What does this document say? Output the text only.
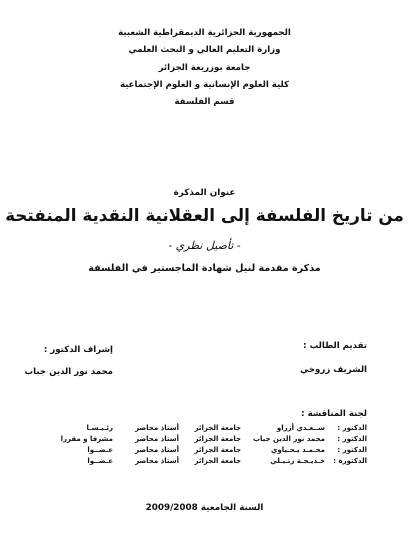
الجمهورية الجزائرية الديمقراطية الشعبية
وزارة التعليم العالي و البحث العلمي
جامعة بوزريعة الجزائر
كلية العلوم الإنسانية و العلوم الإجتماعية
قسم الفلسفة
عنوان المذكرة
من تاريخ الفلسفة إلى العقلانية النقدية المنفتحة
- تأصيل نظري -
مذكرة مقدمة لنيل شهادة الماجستير في الفلسفة
تقديم الطالب :
الشريف زروخي
إشراف الدكتور :
محمد نور الدين جباب
لجنة المناقشة :
الدكتور :
ســعـدي أزراو
جامعة الجزائر
أستاذ محاضر
رئـيـسـا
الدكتور :
محمد نور الدين جباب
جامعة الجزائر
أستاذ محاضر
مشرفا و مقررا
الدكتور :
محـمـد يـحـياوي
جامعة الجزائر
أستاذ محاضر
عـضــوا
الدكتورة :
خـديـجـة زتـيـلي
جامعة الجزائر
أستاذ محاضر
عـضــوا
السنة الجامعية 2009/2008
